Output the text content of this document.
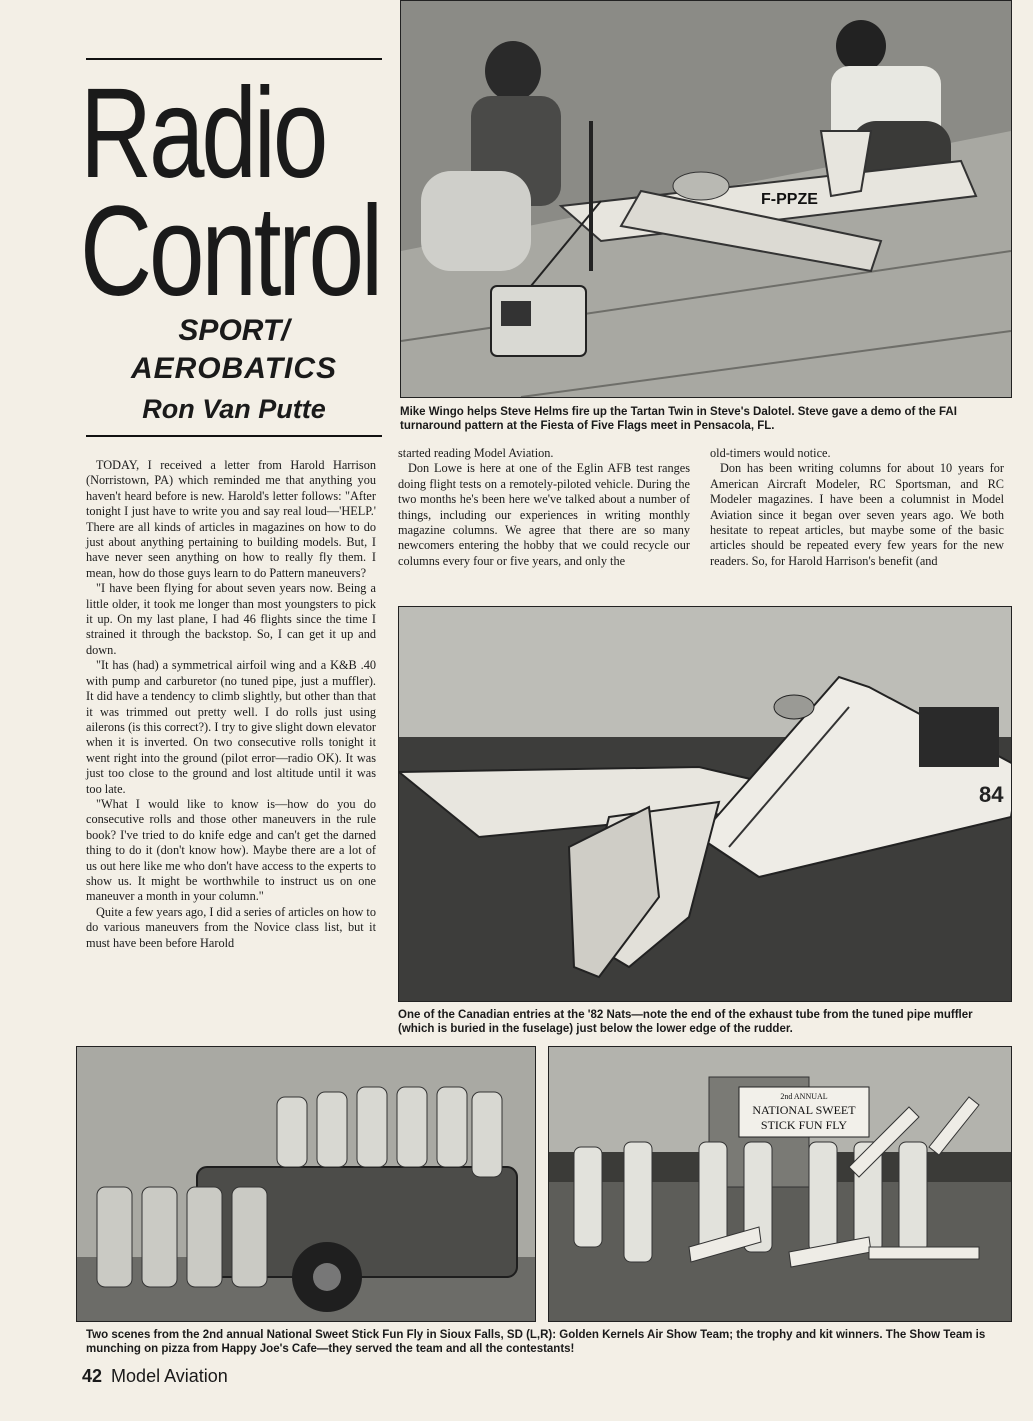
Radio
Control
SPORT/
AEROBATICS
Ron Van Putte
F-PPZE
Mike Wingo helps Steve Helms fire up the Tartan Twin in Steve's Dalotel. Steve gave a demo of the FAI turnaround pattern at the Fiesta of Five Flags meet in Pensacola, FL.

TODAY, I received a letter from Harold Harrison (Norristown, PA) which reminded me that anything you haven't heard before is new. Harold's letter follows: "After tonight I just have to write you and say real loud—'HELP.' There are all kinds of articles in magazines on how to do just about anything pertaining to building models. But, I have never seen anything on how to really fly them. I mean, how do those guys learn to do Pattern maneuvers?

"I have been flying for about seven years now. Being a little older, it took me longer than most youngsters to pick it up. On my last plane, I had 46 flights since the time I strained it through the backstop. So, I can get it up and down.

"It has (had) a symmetrical airfoil wing and a K&B .40 with pump and carburetor (no tuned pipe, just a muffler). It did have a tendency to climb slightly, but other than that it was trimmed out pretty well. I do rolls just using ailerons (is this correct?). I try to give slight down elevator when it is inverted. On two consecutive rolls tonight it went right into the ground (pilot error—radio OK). It was just too close to the ground and lost altitude until it was too late.

"What I would like to know is—how do you do consecutive rolls and those other maneuvers in the rule book? I've tried to do knife edge and can't get the darned thing to do it (don't know how). Maybe there are a lot of us out here like me who don't have access to the experts to show us. It might be worthwhile to instruct us on one maneuver a month in your column."

Quite a few years ago, I did a series of articles on how to do various maneuvers from the Novice class list, but it must have been before Harold

started reading Model Aviation.

Don Lowe is here at one of the Eglin AFB test ranges doing flight tests on a remotely-piloted vehicle. During the two months he's been here we've talked about a number of things, including our experiences in writing monthly magazine columns. We agree that there are so many newcomers entering the hobby that we could recycle our columns every four or five years, and only the

old-timers would notice.

Don has been writing columns for about 10 years for American Aircraft Modeler, RC Sportsman, and RC Modeler magazines. I have been a columnist in Model Aviation since it began over seven years ago. We both hesitate to repeat articles, but maybe some of the basic articles should be repeated every few years for the new readers. So, for Harold Harrison's benefit (and

84
One of the Canadian entries at the '82 Nats—note the end of the exhaust tube from the tuned pipe muffler (which is buried in the fuselage) just below the lower edge of the rudder.
2nd ANNUAL
NATIONAL SWEET
STICK FUN FLY
Two scenes from the 2nd annual National Sweet Stick Fun Fly in Sioux Falls, SD (L,R): Golden Kernels Air Show Team; the trophy and kit winners. The Show Team is munching on pizza from Happy Joe's Cafe—they served the team and all the contestants!
42 Model Aviation
